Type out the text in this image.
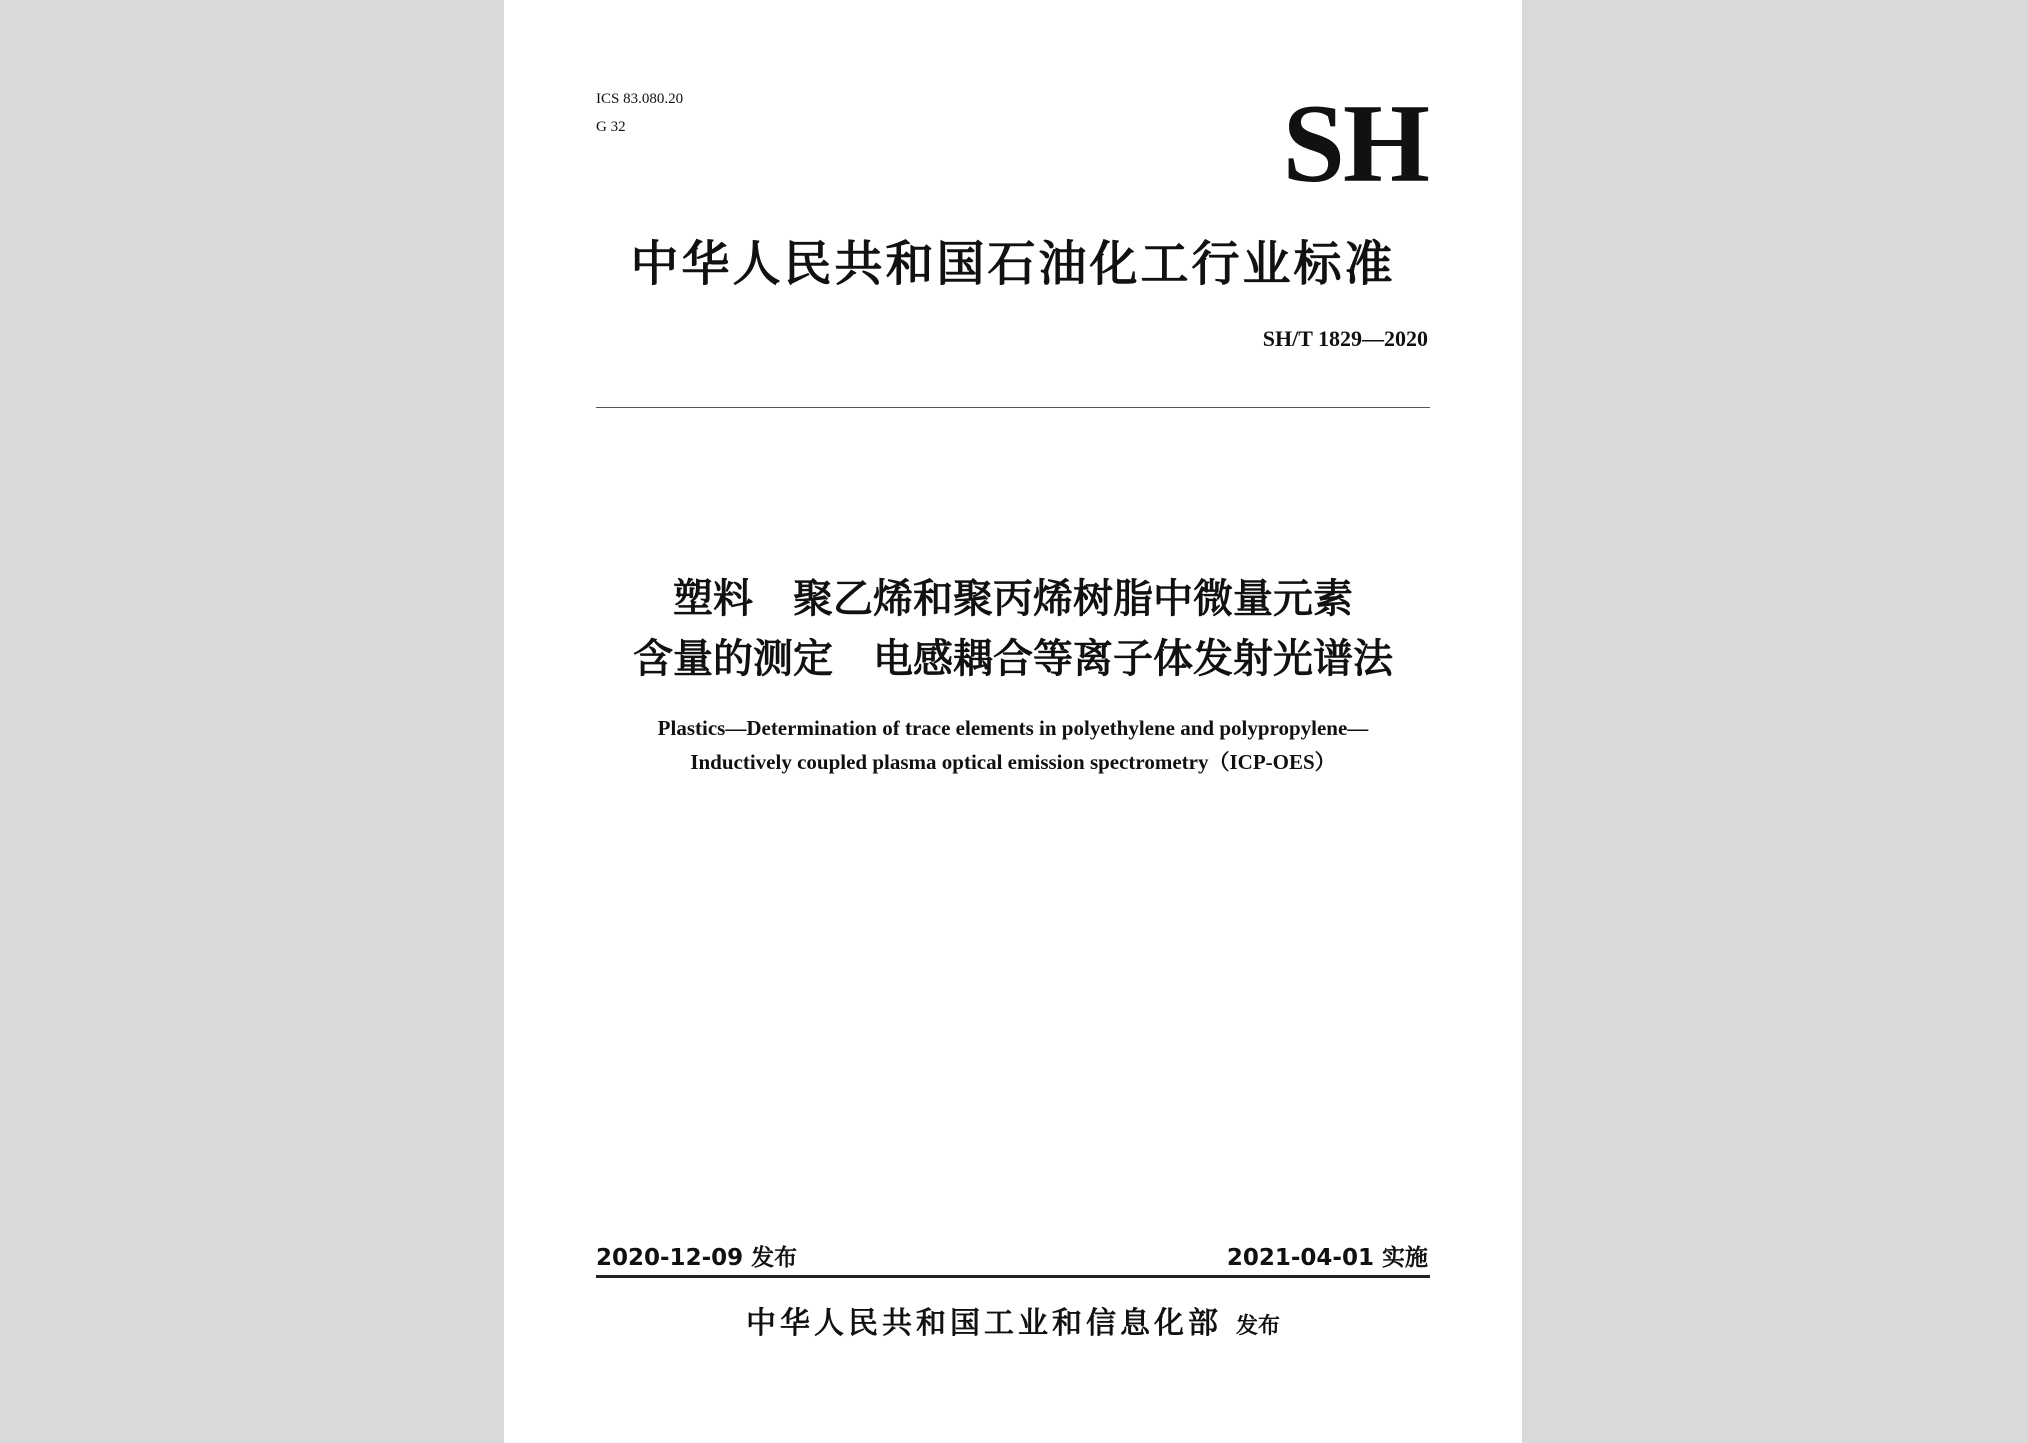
ICS 83.080.20
G 32	SH
中华人民共和国石油化工行业标准
SH/T 1829—2020
塑料　聚乙烯和聚丙烯树脂中微量元素
含量的测定　电感耦合等离子体发射光谱法
Plastics—Determination of trace elements in polyethylene and polypropylene—
Inductively coupled plasma optical emission spectrometry（ICP-OES）
2020-12-09 发布	2021-04-01 实施
中华人民共和国工业和信息化部 发布
